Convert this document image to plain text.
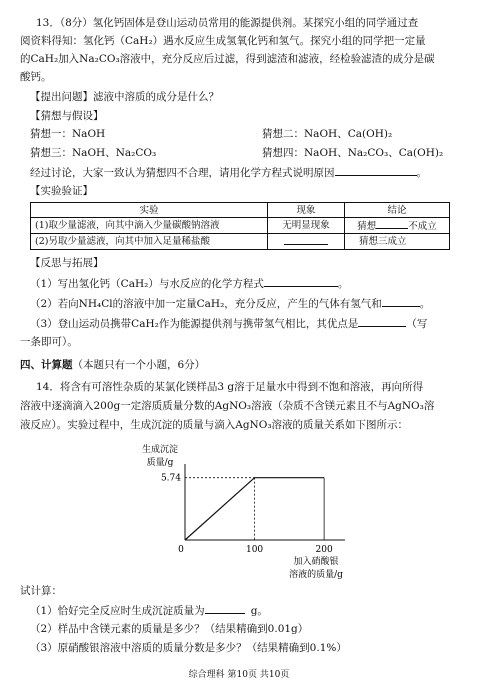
13．（8分）氢化钙固体是登山运动员常用的能源提供剂。某探究小组的同学通过查
阅资料得知：氢化钙（CaH₂）遇水反应生成氢氧化钙和氢气。探究小组的同学把一定量
的CaH₂加入Na₂CO₃溶液中，充分反应后过滤，得到滤渣和滤液，经检验滤渣的成分是碳
酸钙。
【提出问题】滤液中溶质的成分是什么？
【猜想与假设】
猜想一：NaOH	猜想二：NaOH、Ca(OH)₂
猜想三：NaOH、Na₂CO₃	猜想四：NaOH、Na₂CO₃、Ca(OH)₂
经过讨论，大家一致认为猜想四不合理，请用化学方程式说明原因	。
【实验验证】
实验	现象	结论
(1)取少量滤液，向其中滴入少量碳酸钠溶液	无明显现象	猜想 不成立
(2)另取少量滤液，向其中加入足量稀盐酸		猜想三成立
【反思与拓展】
（1）写出氢化钙（CaH₂）与水反应的化学方程式	。
（2）若向NH₄Cl的溶液中加一定量CaH₂，充分反应，产生的气体有氢气和	。
（3）登山运动员携带CaH₂作为能源提供剂与携带氢气相比，其优点是	（写
一条即可）。
四、计算题（本题只有一个小题，6分）
14．将含有可溶性杂质的某氯化镁样品3 g溶于足量水中得到不饱和溶液，再向所得
溶液中逐滴滴入200g一定溶质质量分数的AgNO₃溶液（杂质不含镁元素且不与AgNO₃溶
液反应）。实验过程中，生成沉淀的质量与滴入AgNO₃溶液的质量关系如下图所示：
生成沉淀
质量/g
0
5.74
100	200
加入硝酸银
溶液的质量/g
试计算：
（1）恰好完全反应时生成沉淀质量为	g。
（2）样品中含镁元素的质量是多少？（结果精确到0.01g）
（3）原硝酸银溶液中溶质的质量分数是多少？（结果精确到0.1%）
综合理科 第10页 共10页
